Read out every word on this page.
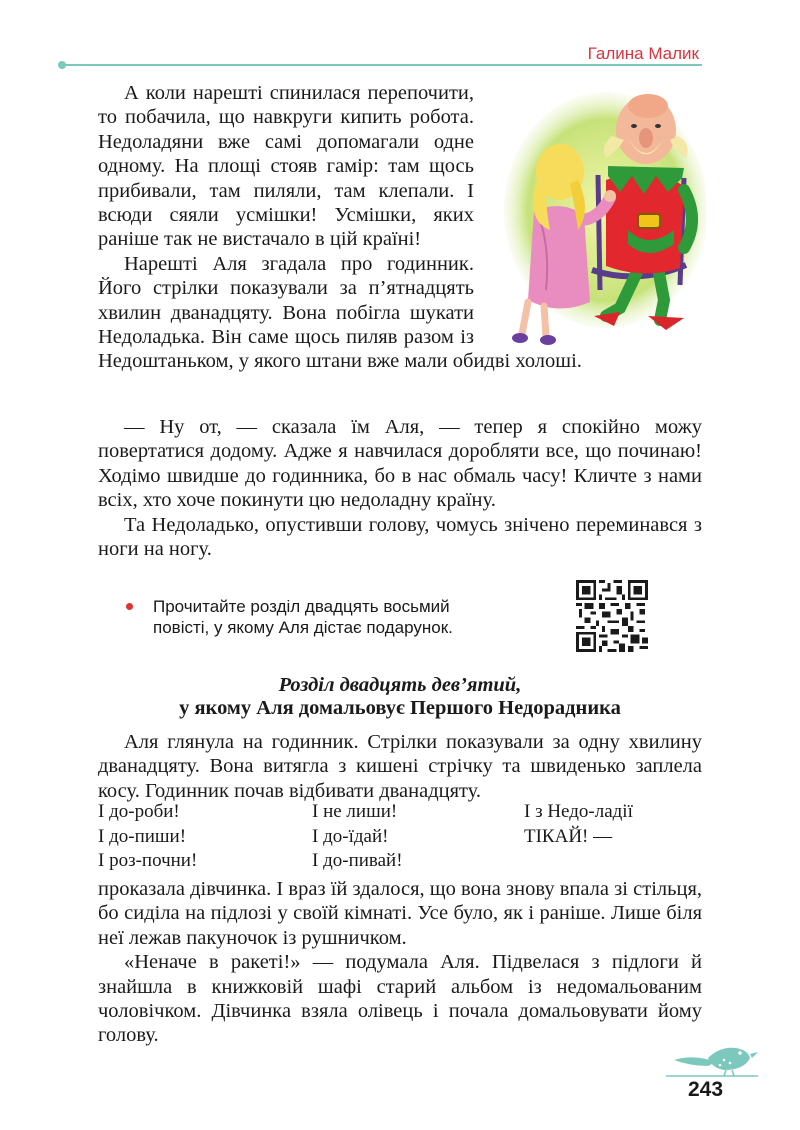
Галина Малик

А коли нарешті спинилася перепочити, то побачила, що навкруги кипить робота. Недоладяни вже самі допомагали одне одному. На площі стояв гамір: там щось прибивали, там пиляли, там клепали. І всюди сяяли усмішки! Усмішки, яких раніше так не вистачало в цій країні!

Нарешті Аля згадала про годинник. Його стрілки показували за п’ятнадцять хвилин дванадцяту. Вона побігла шукати Недоладька. Він саме щось пиляв разом із Недоштаньком, у якого штани вже мали обидві холоші.

— Ну от, — сказала їм Аля, — тепер я спокійно можу повертатися додому. Адже я навчилася доробляти все, що починаю! Ходімо швидше до годинника, бо в нас обмаль часу! Кличте з нами всіх, хто хоче покинути цю недоладну країну.

Та Недоладько, опустивши голову, чомусь знічено переминався з ноги на ногу.

Прочитайте розділ двадцять восьмий
повісті, у якому Аля дістає подарунок.
Розділ двадцять дев’ятий,
у якому Аля домальовує Першого Недорадника

Аля глянула на годинник. Стрілки показували за одну хвилину дванадцяту. Вона витягла з кишені стрічку та швиденько заплела косу. Годинник почав відбивати дванадцяту.

І до-роби!
І до-пиши!
І роз-почни!
І не лиши!
І до-їдай!
І до-пивай!
І з Недо-ладії
ТІКАЙ! —

проказала дівчинка. І враз їй здалося, що вона знову впала зі стільця, бо сиділа на підлозі у своїй кімнаті. Усе було, як і раніше. Лише біля неї лежав пакуночок із рушничком.

«Неначе в ракеті!» — подумала Аля. Підвелася з підлоги й знайшла в книжковій шафі старий альбом із недомальованим чоловічком. Дівчинка взяла олівець і почала домальовувати йому голову.

243
